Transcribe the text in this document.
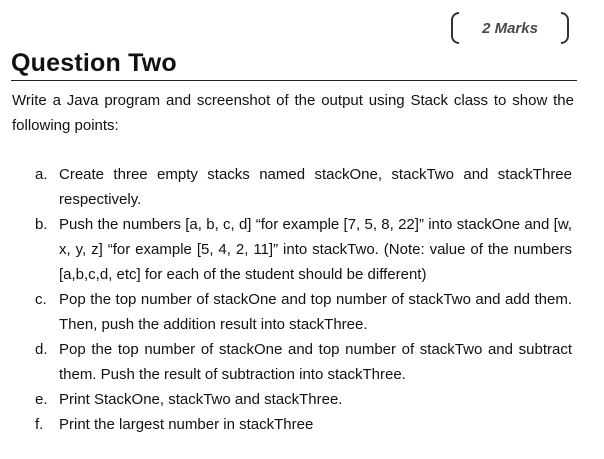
2 Marks
Question Two
Write a Java program and screenshot of the output using Stack class to show the following points:
a. Create three empty stacks named stackOne, stackTwo and stackThree respectively.
b. Push the numbers [a, b, c, d] “for example [7, 5, 8, 22]” into stackOne and [w, x, y, z] “for example [5, 4, 2, 11]” into stackTwo. (Note: value of the numbers [a,b,c,d, etc] for each of the student should be different)
c. Pop the top number of stackOne and top number of stackTwo and add them. Then, push the addition result into stackThree.
d. Pop the top number of stackOne and top number of stackTwo and subtract them. Push the result of subtraction into stackThree.
e. Print StackOne, stackTwo and stackThree.
f. Print the largest number in stackThree
